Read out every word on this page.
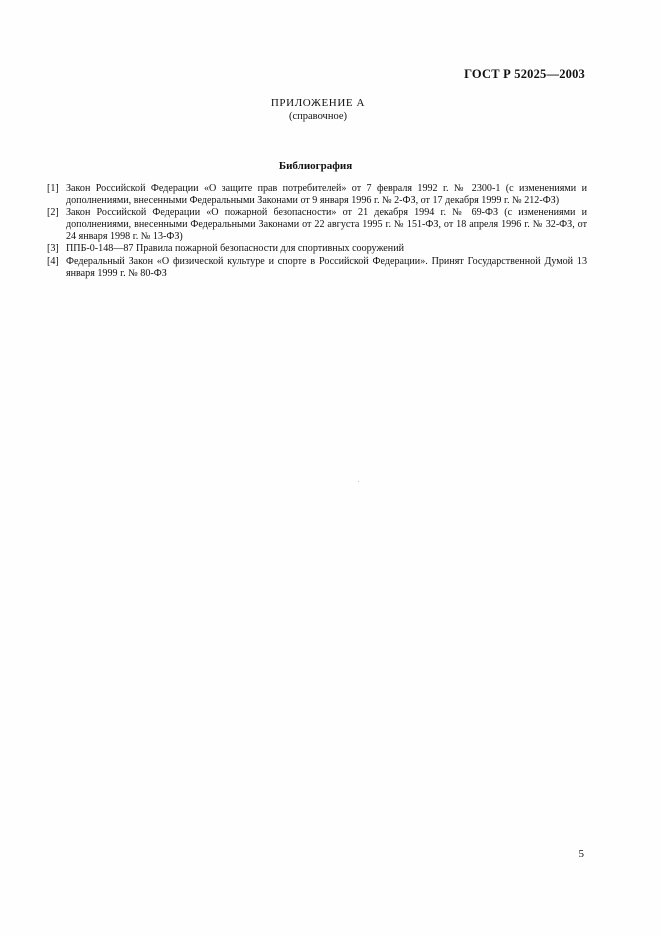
ГОСТ Р 52025—2003
ПРИЛОЖЕНИЕ А
(справочное)
Библиография
[1] Закон Российской Федерации «О защите прав потребителей» от 7 февраля 1992 г. № 2300-1 (с изменениями и дополнениями, внесенными Федеральными Законами от 9 января 1996 г. № 2-ФЗ, от 17 декабря 1999 г. № 212-ФЗ)
[2] Закон Российской Федерации «О пожарной безопасности» от 21 декабря 1994 г. № 69-ФЗ (с изменениями и дополнениями, внесенными Федеральными Законами от 22 августа 1995 г. № 151-ФЗ, от 18 апреля 1996 г. № 32-ФЗ, от 24 января 1998 г. № 13-ФЗ)
[3] ППБ-0-148—87 Правила пожарной безопасности для спортивных сооружений
[4] Федеральный Закон «О физической культуре и спорте в Российской Федерации». Принят Государственной Думой 13 января 1999 г. № 80-ФЗ
5
